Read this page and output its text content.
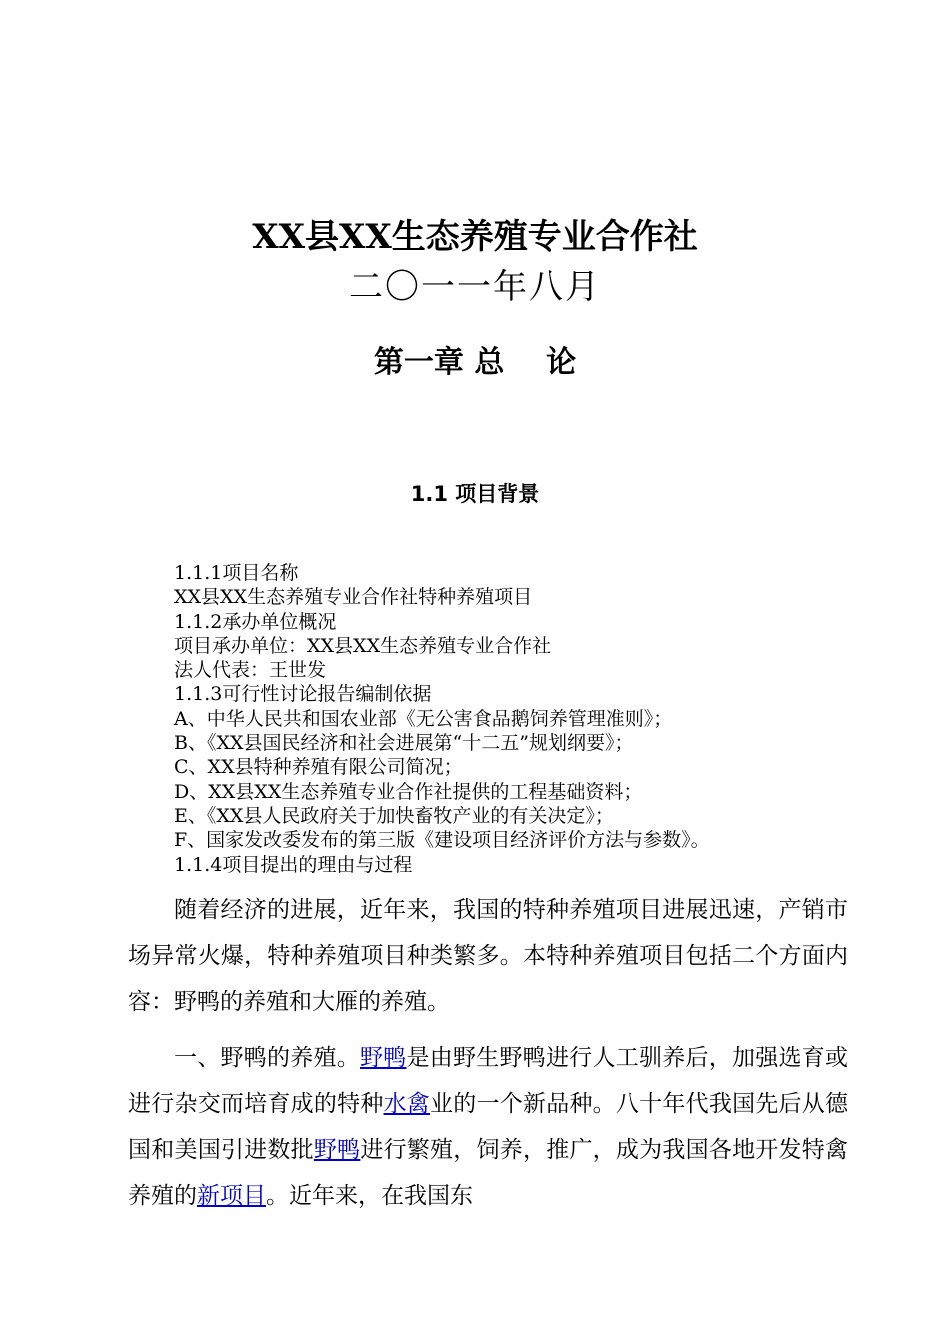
XX县XX生态养殖专业合作社
二〇一一年八月
第一章 总 论
1.1 项目背景
1.1.1项目名称
XX县XX生态养殖专业合作社特种养殖项目
1.1.2承办单位概况
项目承办单位：XX县XX生态养殖专业合作社
法人代表：王世发
1.1.3可行性讨论报告编制依据
A、中华人民共和国农业部《无公害食品鹅饲养管理准则》；
B、《XX县国民经济和社会进展第“十二五”规划纲要》；
C、XX县特种养殖有限公司简况；
D、XX县XX生态养殖专业合作社提供的工程基础资料；
E、《XX县人民政府关于加快畜牧产业的有关决定》；
F、国家发改委发布的第三版《建设项目经济评价方法与参数》。
1.1.4项目提出的理由与过程

随着经济的进展，近年来，我国的特种养殖项目进展迅速，产销市场异常火爆，特种养殖项目种类繁多。本特种养殖项目包括二个方面内容：野鸭的养殖和大雁的养殖。

一、野鸭的养殖。野鸭是由野生野鸭进行人工驯养后，加强选育或进行杂交而培育成的特种水禽业的一个新品种。八十年代我国先后从德国和美国引进数批野鸭进行繁殖，饲养，推广，成为我国各地开发特禽养殖的新项目。近年来，在我国东
